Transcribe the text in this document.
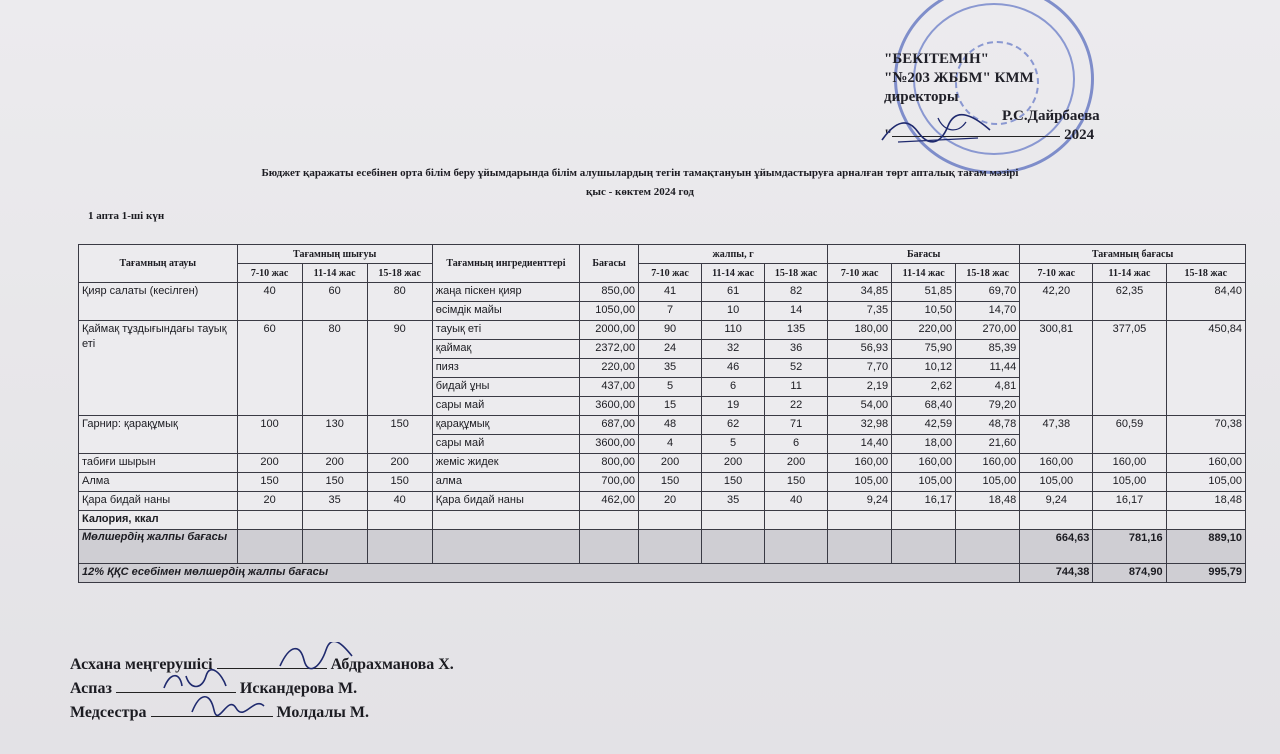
"БЕКІТЕМІН"
"№203 ЖББМ" КММ
директоры
Р.С.Дайрбаева
"	2024
Бюджет қаражаты есебінен орта білім беру ұйымдарында білім алушылардың тегін тамақтануын ұйымдастыруға арналған төрт апталық тағам мәзірі
қыс - көктем 2024 год
1 апта 1-ші күн
Тағамның атауы	Тағамның шығуы			Тағамның ингредиенттері	Бағасы	жалпы, г			Бағасы			Тағамның бағасы		
	7-10 жас	11-14 жас	15-18 жас			7-10 жас	11-14 жас	15-18 жас	7-10 жас	11-14 жас	15-18 жас	7-10 жас	11-14 жас	15-18 жас
Қияр салаты (кесілген)	40	60	80	жаңа піскен қияр	850,00	41	61	82	34,85	51,85	69,70	42,20	62,35	84,40
				өсімдік майы	1050,00	7	10	14	7,35	10,50	14,70			
Қаймақ тұздығындағы тауық еті	60	80	90	тауық еті	2000,00	90	110	135	180,00	220,00	270,00	300,81	377,05	450,84
				қаймақ	2372,00	24	32	36	56,93	75,90	85,39			
				пияз	220,00	35	46	52	7,70	10,12	11,44			
				бидай ұны	437,00	5	6	11	2,19	2,62	4,81			
				сары май	3600,00	15	19	22	54,00	68,40	79,20			
Гарнир: қарақұмық	100	130	150	қарақұмық	687,00	48	62	71	32,98	42,59	48,78	47,38	60,59	70,38
				сары май	3600,00	4	5	6	14,40	18,00	21,60			
табиғи шырын	200	200	200	жеміс жидек	800,00	200	200	200	160,00	160,00	160,00	160,00	160,00	160,00
Алма	150	150	150	алма	700,00	150	150	150	105,00	105,00	105,00	105,00	105,00	105,00
Қара бидай наны	20	35	40	Қара бидай наны	462,00	20	35	40	9,24	16,17	18,48	9,24	16,17	18,48
Калория, ккал														
Мөлшердің жалпы бағасы												664,63	781,16	889,10
12% ҚҚС есебімен мөлшердің жалпы бағасы												744,38	874,90	995,79
Асхана меңгерушісі	Абдрахманова Х.
Аспаз	Искандерова М.
Медсестра	Молдалы М.
